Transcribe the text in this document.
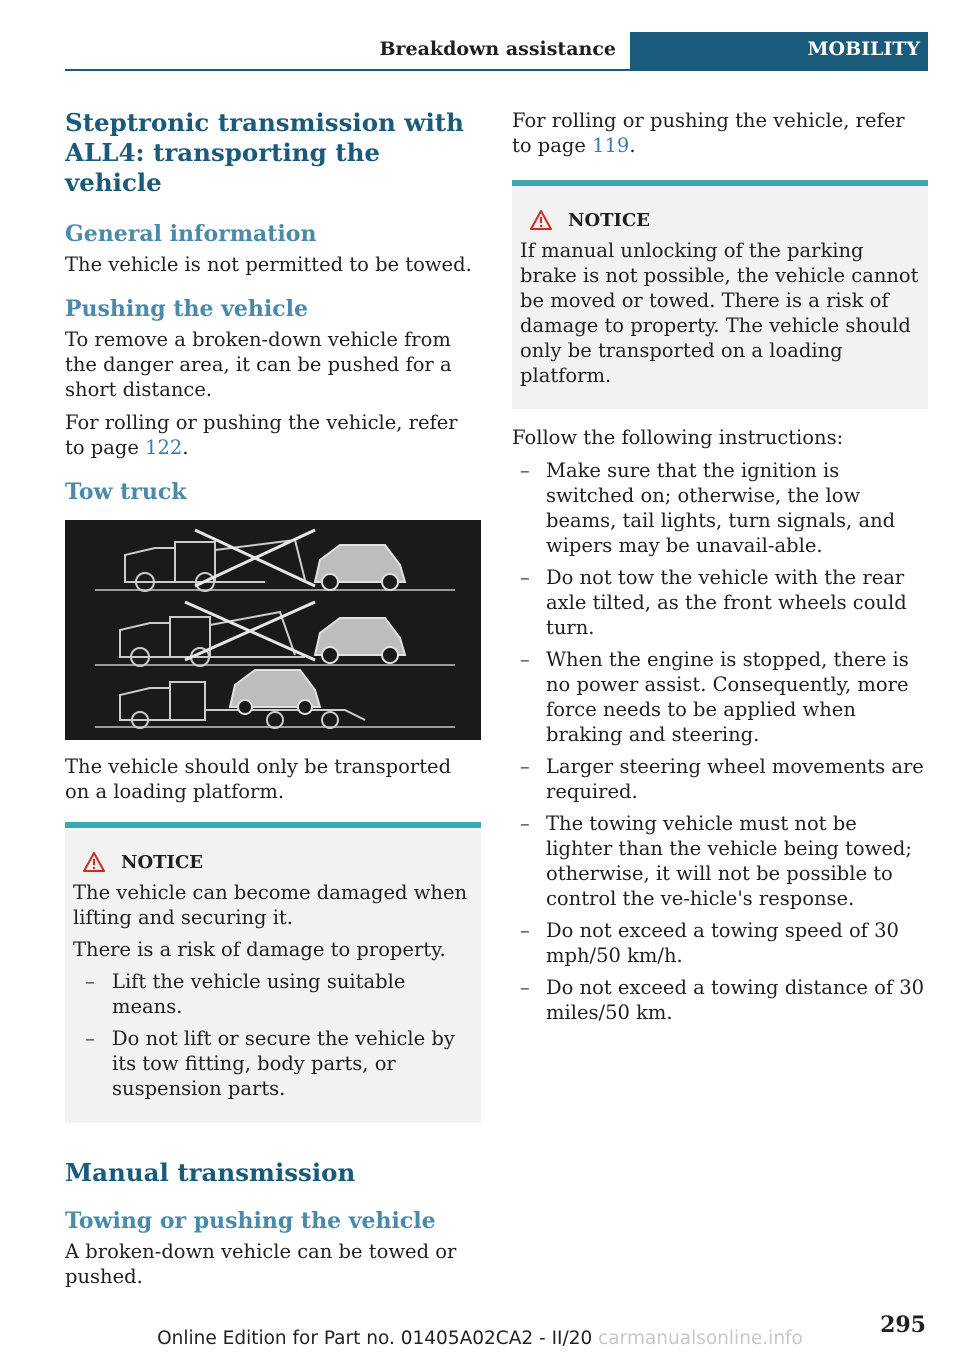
Breakdown assistance	MOBILITY
Steptronic transmission with ALL4: transporting the vehicle
General information

The vehicle is not permitted to be towed.

Pushing the vehicle

To remove a broken-down vehicle from the danger area, it can be pushed for a short distance.

For rolling or pushing the vehicle, refer to page 122.

Tow truck

The vehicle should only be transported on a loading platform.

NOTICE

The vehicle can become damaged when lifting and securing it.

There is a risk of damage to property.

– Lift the vehicle using suitable means.
– Do not lift or secure the vehicle by its tow fitting, body parts, or suspension parts.
Manual transmission
Towing or pushing the vehicle

A broken-down vehicle can be towed or pushed.

For rolling or pushing the vehicle, refer to page 119.

NOTICE

If manual unlocking of the parking brake is not possible, the vehicle cannot be moved or towed. There is a risk of damage to property. The vehicle should only be transported on a loading platform.

Follow the following instructions:

– Make sure that the ignition is switched on; otherwise, the low beams, tail lights, turn signals, and wipers may be unavail‐able.
– Do not tow the vehicle with the rear axle tilted, as the front wheels could turn.
– When the engine is stopped, there is no power assist. Consequently, more force needs to be applied when braking and steering.
– Larger steering wheel movements are required.
– The towing vehicle must not be lighter than the vehicle being towed; otherwise, it will not be possible to control the ve‐hicle's response.
– Do not exceed a towing speed of 30 mph/50 km/h.
– Do not exceed a towing distance of 30 miles/50 km.
295
Online Edition for Part no. 01405A02CA2 - II/20 carmanualsonline.info
